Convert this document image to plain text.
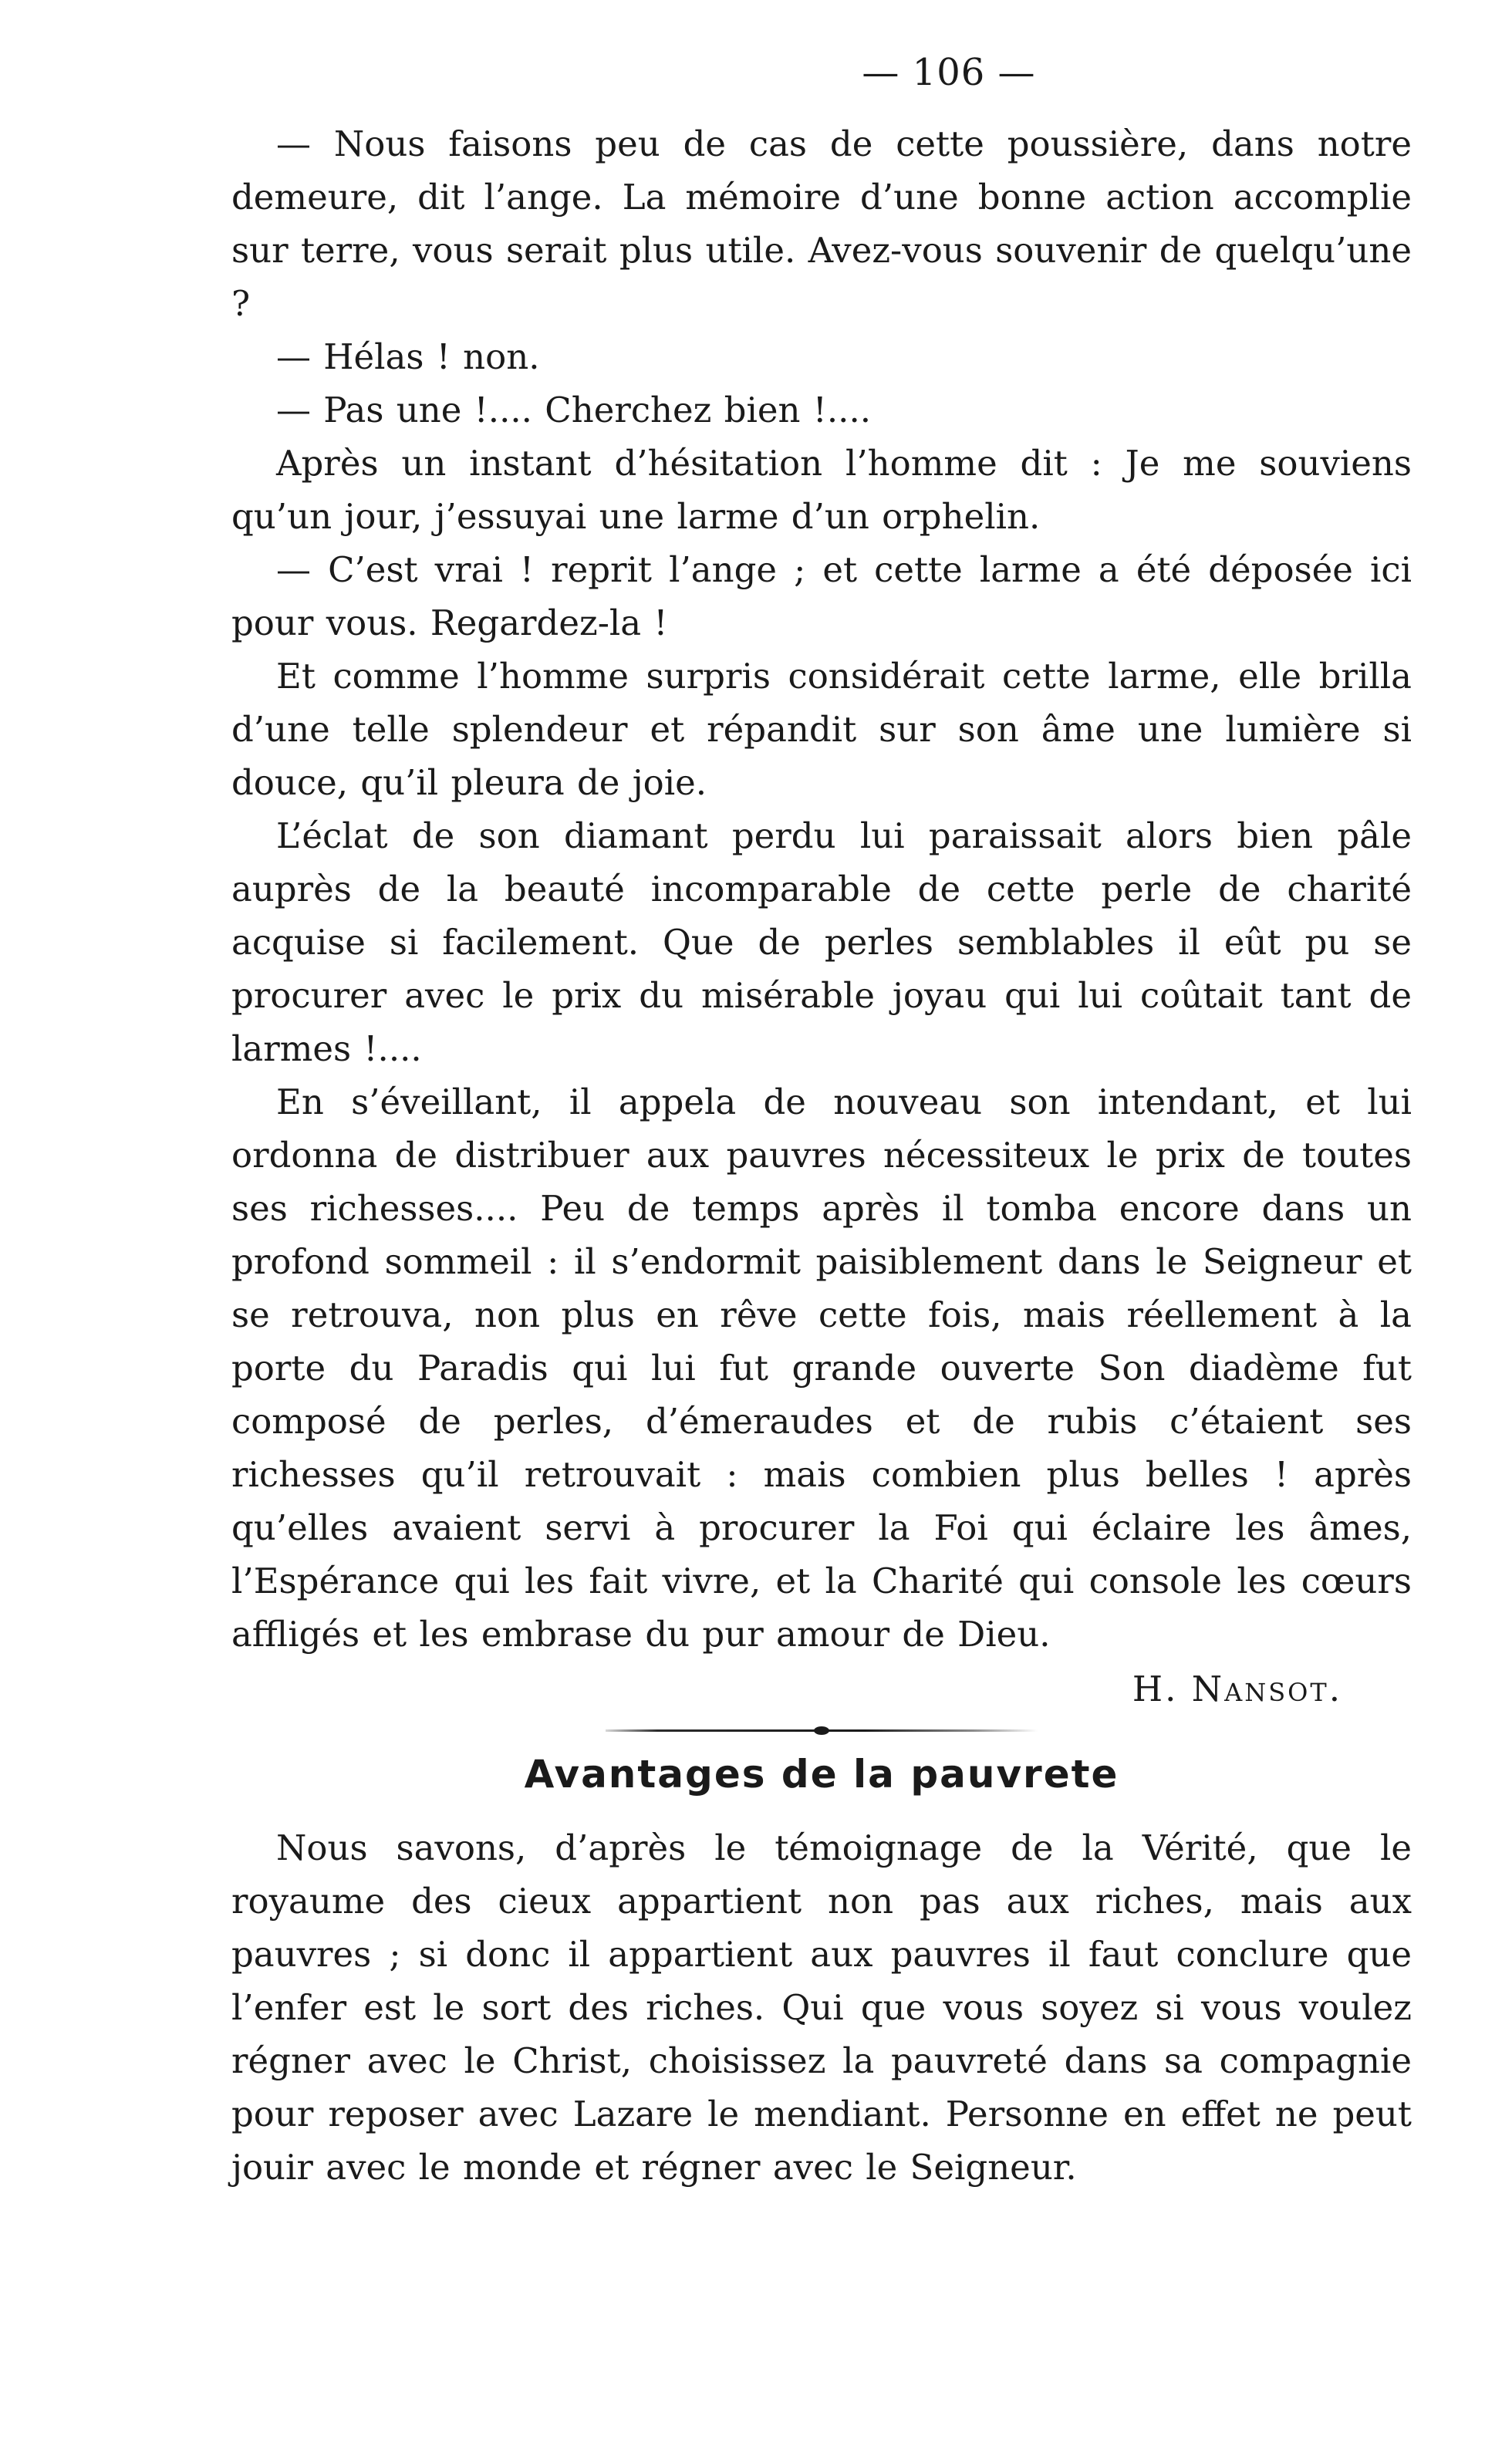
— 106 —

— Nous faisons peu de cas de cette poussière, dans notre demeure, dit l’ange. La mémoire d’une bonne action accomplie sur terre, vous serait plus utile. Avez-vous souvenir de quelqu’une ?

— Hélas ! non.

— Pas une !.... Cherchez bien !....

Après un instant d’hésitation l’homme dit : Je me souviens qu’un jour, j’essuyai une larme d’un orphelin.

— C’est vrai ! reprit l’ange ; et cette larme a été déposée ici pour vous. Regardez-la !

Et comme l’homme surpris considérait cette larme, elle brilla d’une telle splendeur et répandit sur son âme une lumière si douce, qu’il pleura de joie.

L’éclat de son diamant perdu lui paraissait alors bien pâle auprès de la beauté incomparable de cette perle de charité acquise si facilement. Que de perles semblables il eût pu se procurer avec le prix du misérable joyau qui lui coûtait tant de larmes !....

En s’éveillant, il appela de nouveau son intendant, et lui ordonna de distribuer aux pauvres nécessiteux le prix de toutes ses richesses.... Peu de temps après il tomba encore dans un profond sommeil : il s’endormit paisiblement dans le Seigneur et se retrouva, non plus en rêve cette fois, mais réellement à la porte du Paradis qui lui fut grande ouverte Son diadème fut composé de perles, d’émeraudes et de rubis c’étaient ses richesses qu’il retrouvait : mais combien plus belles ! après qu’elles avaient servi à procurer la Foi qui éclaire les âmes, l’Espérance qui les fait vivre, et la Charité qui console les cœurs affligés et les embrase du pur amour de Dieu.

H. Nansot.
Avantages de la pauvrete

Nous savons, d’après le témoignage de la Vérité, que le royaume des cieux appartient non pas aux riches, mais aux pauvres ; si donc il appartient aux pauvres il faut conclure que l’enfer est le sort des riches. Qui que vous soyez si vous voulez régner avec le Christ, choisissez la pauvreté dans sa compagnie pour reposer avec Lazare le mendiant. Personne en effet ne peut jouir avec le monde et régner avec le Seigneur.
